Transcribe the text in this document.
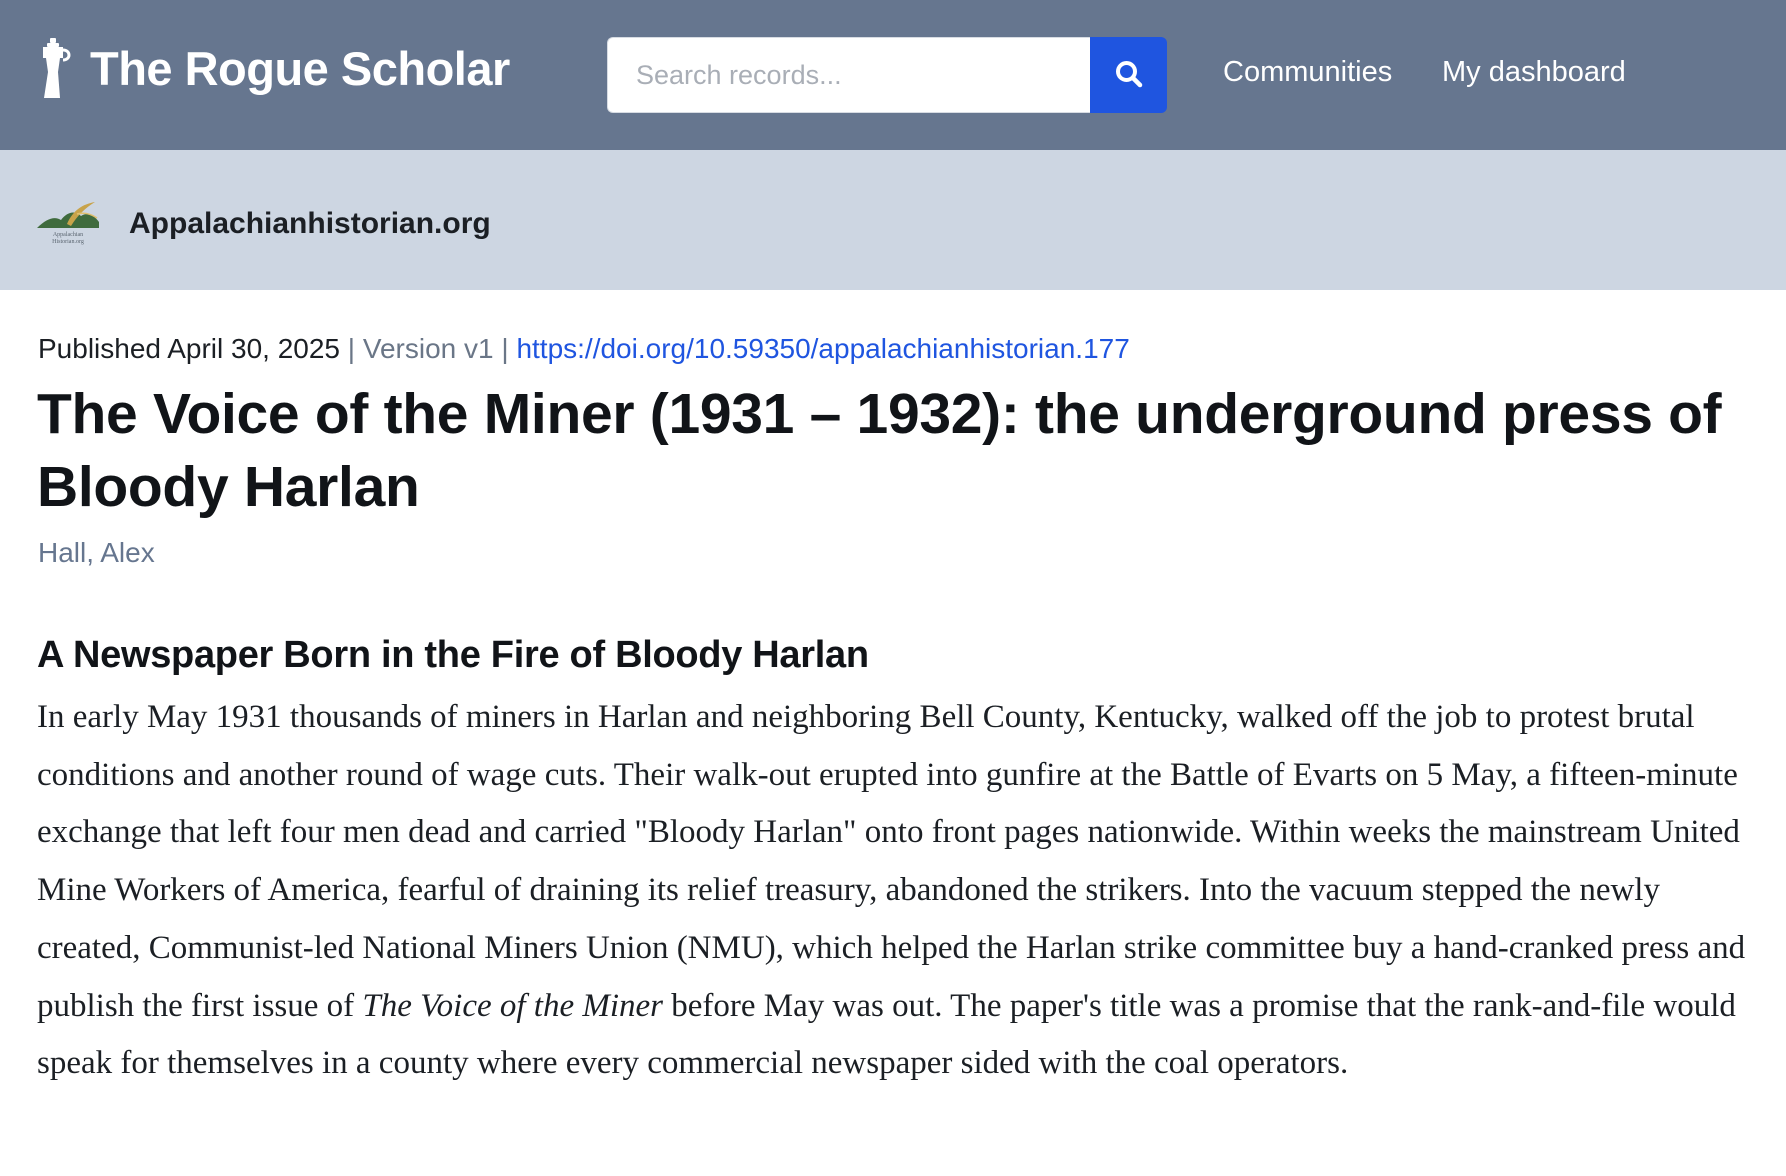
The Rogue Scholar
Search records...	Communities My dashboard
Appalachian
Historian.org
Appalachianhistorian.org
Published April 30, 2025 | Version v1 | https://doi.org/10.59350/appalachianhistorian.177
The Voice of the Miner (1931 – 1932): the underground press of Bloody Harlan
Hall, Alex
A Newspaper Born in the Fire of Bloody Harlan

In early May 1931 thousands of miners in Harlan and neighboring Bell County, Kentucky, walked off the job to protest brutal conditions and another round of wage cuts. Their walk-out erupted into gunfire at the Battle of Evarts on 5 May, a fifteen-minute exchange that left four men dead and carried "Bloody Harlan" onto front pages nationwide. Within weeks the mainstream United Mine Workers of America, fearful of draining its relief treasury, abandoned the strikers. Into the vacuum stepped the newly created, Communist-led National Miners Union (NMU), which helped the Harlan strike committee buy a hand-cranked press and publish the first issue of The Voice of the Miner before May was out. The paper's title was a promise that the rank-and-file would speak for themselves in a county where every commercial newspaper sided with the coal operators.
